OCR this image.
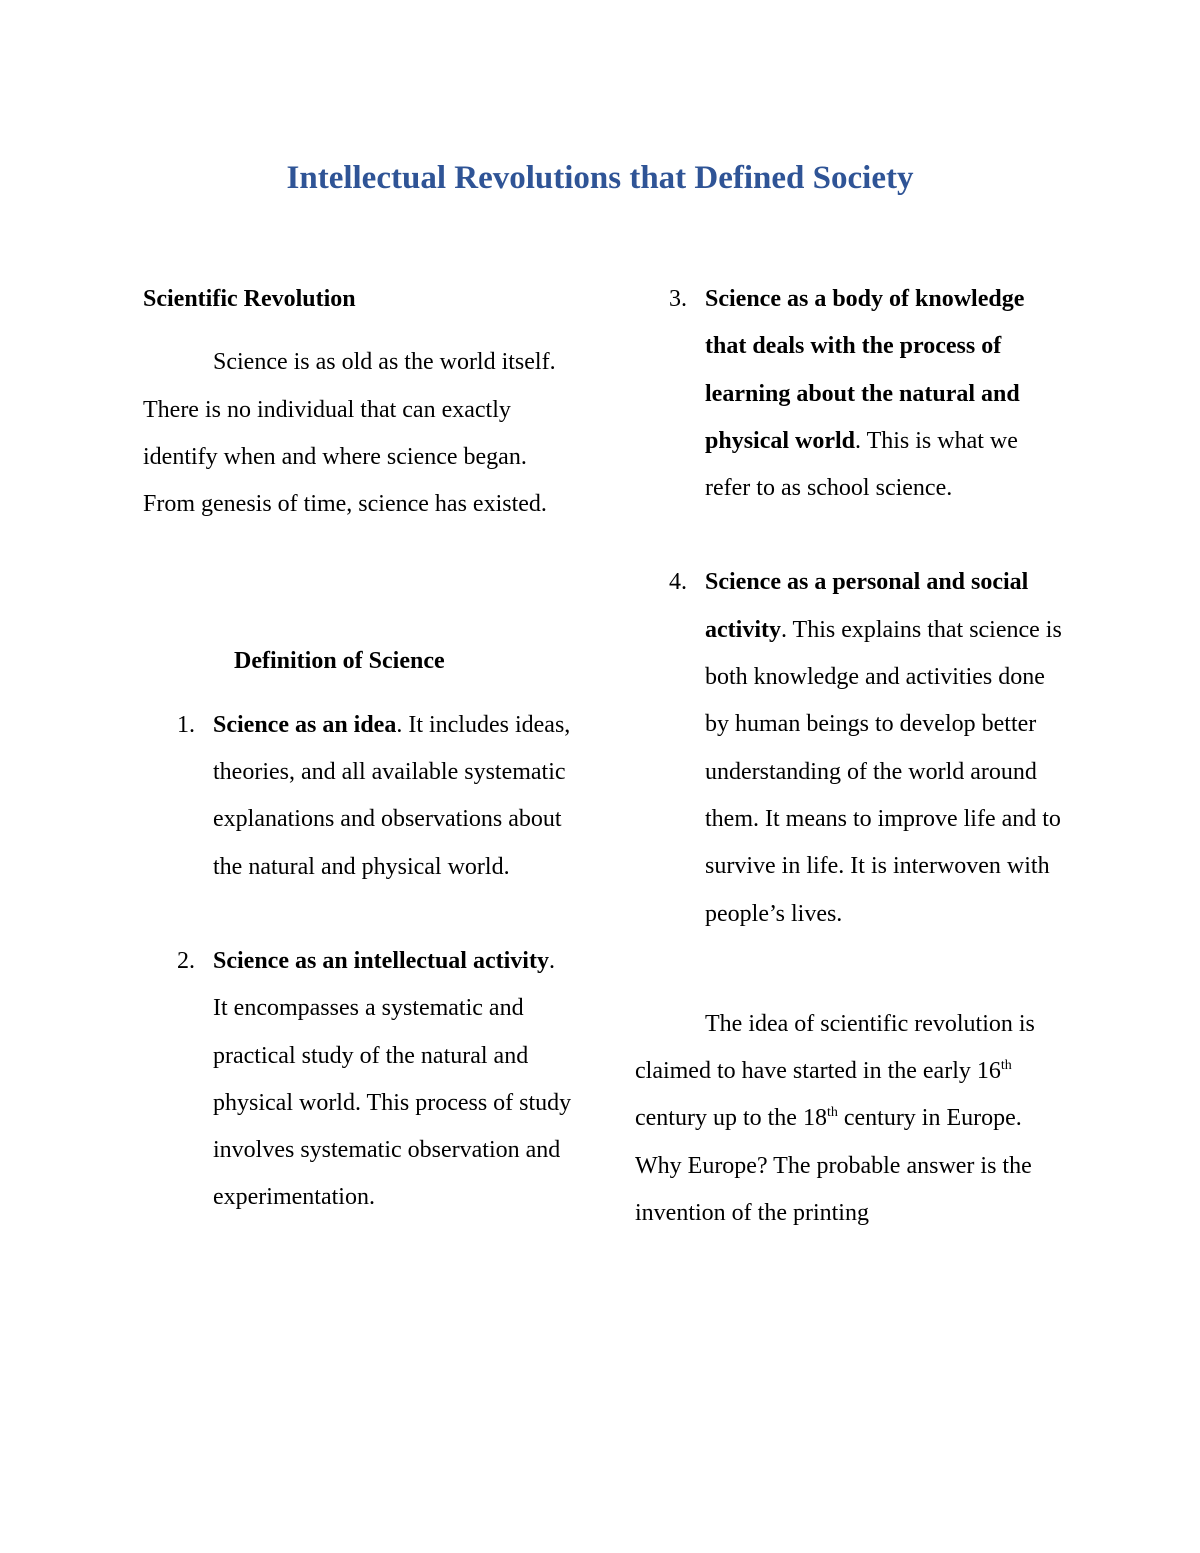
Intellectual Revolutions that Defined Society

Scientific Revolution

Science is as old as the world itself. There is no individual that can exactly identify when and where science began. From genesis of time, science has existed.

Definition of Science

1. Science as an idea. It includes ideas, theories, and all available systematic explanations and observations about the natural and physical world.
2. Science as an intellectual activity. It encompasses a systematic and practical study of the natural and physical world. This process of study involves systematic observation and experimentation.
3. Science as a body of knowledge that deals with the process of learning about the natural and physical world. This is what we refer to as school science.
4. Science as a personal and social activity. This explains that science is both knowledge and activities done by human beings to develop better understanding of the world around them. It means to improve life and to survive in life. It is interwoven with people’s lives.

The idea of scientific revolution is claimed to have started in the early 16th century up to the 18th century in Europe. Why Europe? The probable answer is the invention of the printing
